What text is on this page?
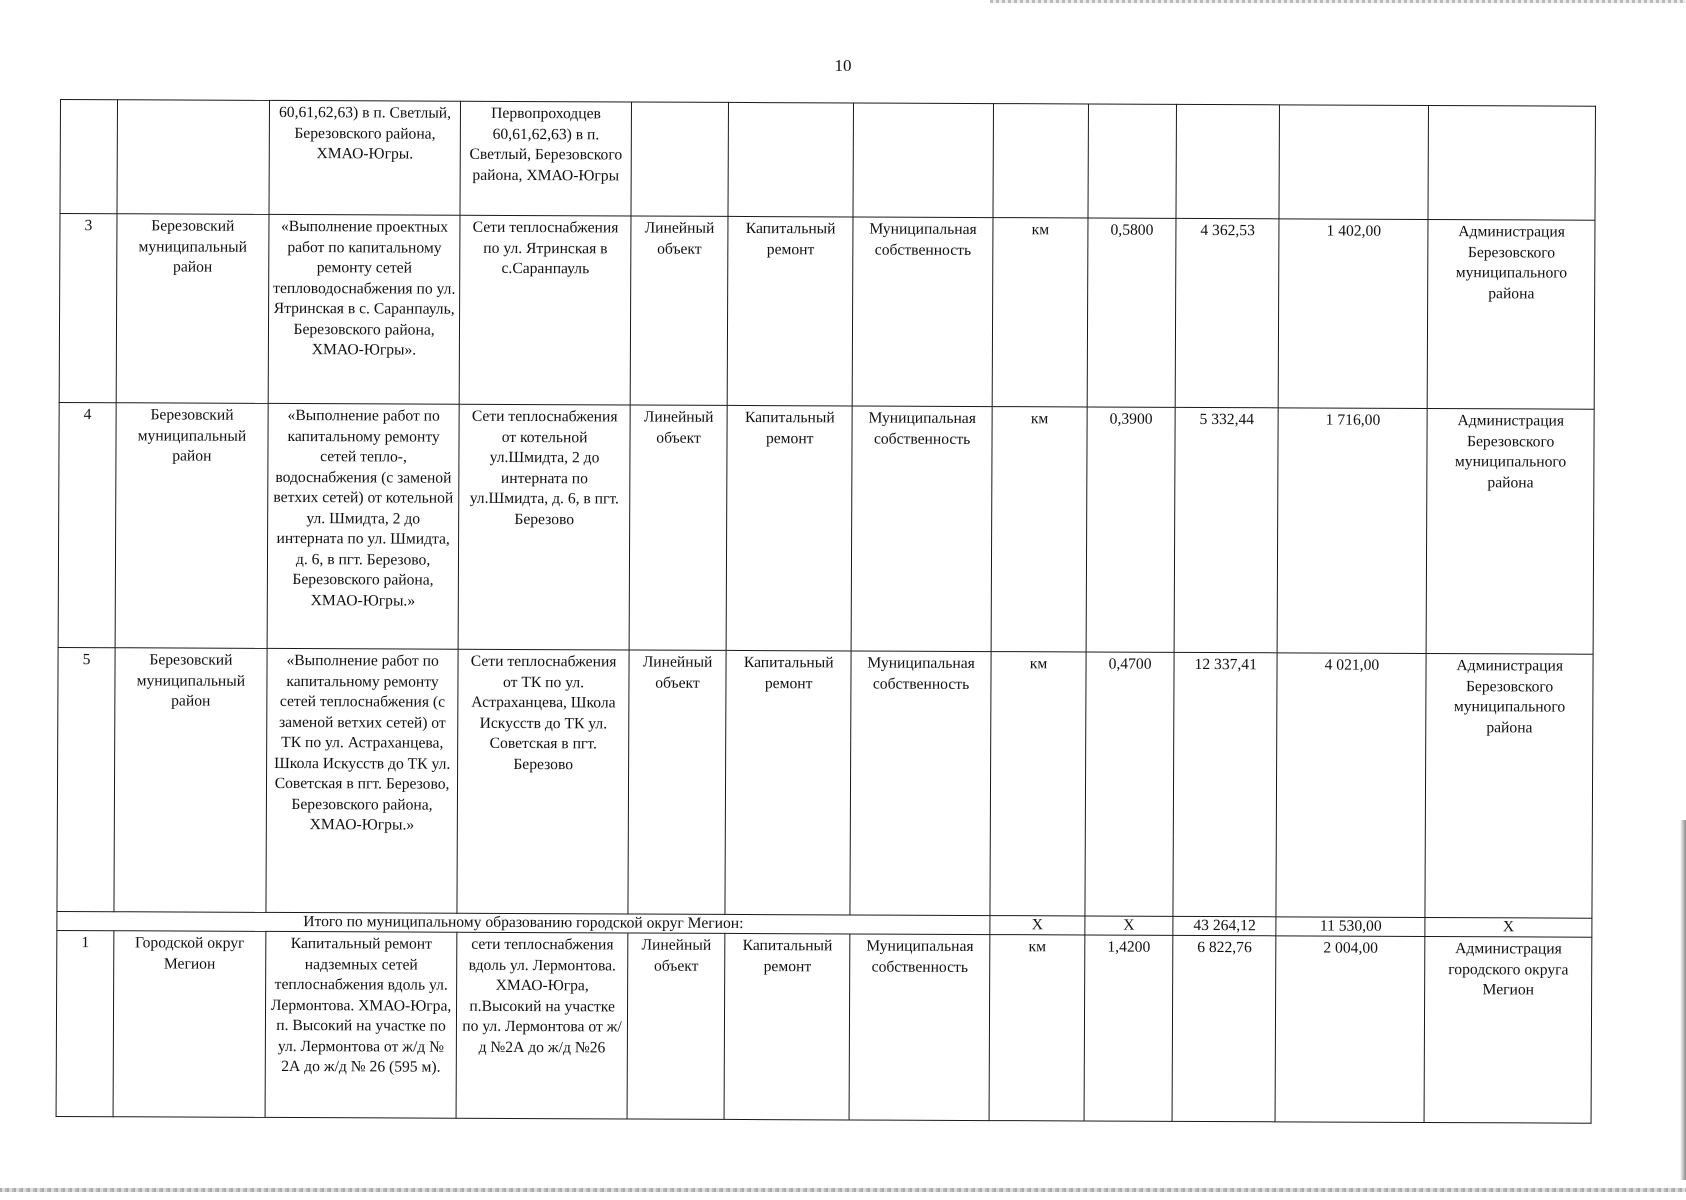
10
		60,61,62,63) в п. Светлый, Березовского района, ХМАО-Югры.	Первопроходцев 60,61,62,63) в п. Светлый, Березовского района, ХМАО-Югры								
3	Березовский муниципальный район	«Выполнение проектных работ по капитальному ремонту сетей тепловодоснабжения по ул. Ятринская в с. Саранпауль, Березовского района, ХМАО-Югры».	Сети теплоснабжения по ул. Ятринская в с.Саранпауль	Линейный объект	Капитальный ремонт	Муниципальная собственность	км	0,5800	4 362,53	1 402,00	Администрация Березовского муниципального района
4	Березовский муниципальный район	«Выполнение работ по капитальному ремонту сетей тепло-, водоснабжения (с заменой ветхих сетей) от котельной ул. Шмидта, 2 до интерната по ул. Шмидта, д. 6, в пгт. Березово, Березовского района, ХМАО-Югры.»	Сети теплоснабжения от котельной ул.Шмидта, 2 до интерната по ул.Шмидта, д. 6, в пгт. Березово	Линейный объект	Капитальный ремонт	Муниципальная собственность	км	0,3900	5 332,44	1 716,00	Администрация Березовского муниципального района
5	Березовский муниципальный район	«Выполнение работ по капитальному ремонту сетей теплоснабжения (с заменой ветхих сетей) от ТК по ул. Астраханцева, Школа Искусств до ТК ул. Советская в пгт. Березово, Березовского района, ХМАО-Югры.»	Сети теплоснабжения от ТК по ул. Астраханцева, Школа Искусств до ТК ул. Советская в пгт. Березово	Линейный объект	Капитальный ремонт	Муниципальная собственность	км	0,4700	12 337,41	4 021,00	Администрация Березовского муниципального района
Итого по муниципальному образованию городской округ Мегион:							X	X	43 264,12	11 530,00	X
1	Городской округ Мегион	Капитальный ремонт надземных сетей теплоснабжения вдоль ул. Лермонтова. ХМАО-Югра, п. Высокий на участке по ул. Лермонтова от ж/д № 2А до ж/д № 26 (595 м).	сети теплоснабжения вдоль ул. Лермонтова. ХМАО-Югра, п.Высокий на участке по ул. Лермонтова от ж/д №2А до ж/д №26	Линейный объект	Капитальный ремонт	Муниципальная собственность	км	1,4200	6 822,76	2 004,00	Администрация городского округа Мегион
